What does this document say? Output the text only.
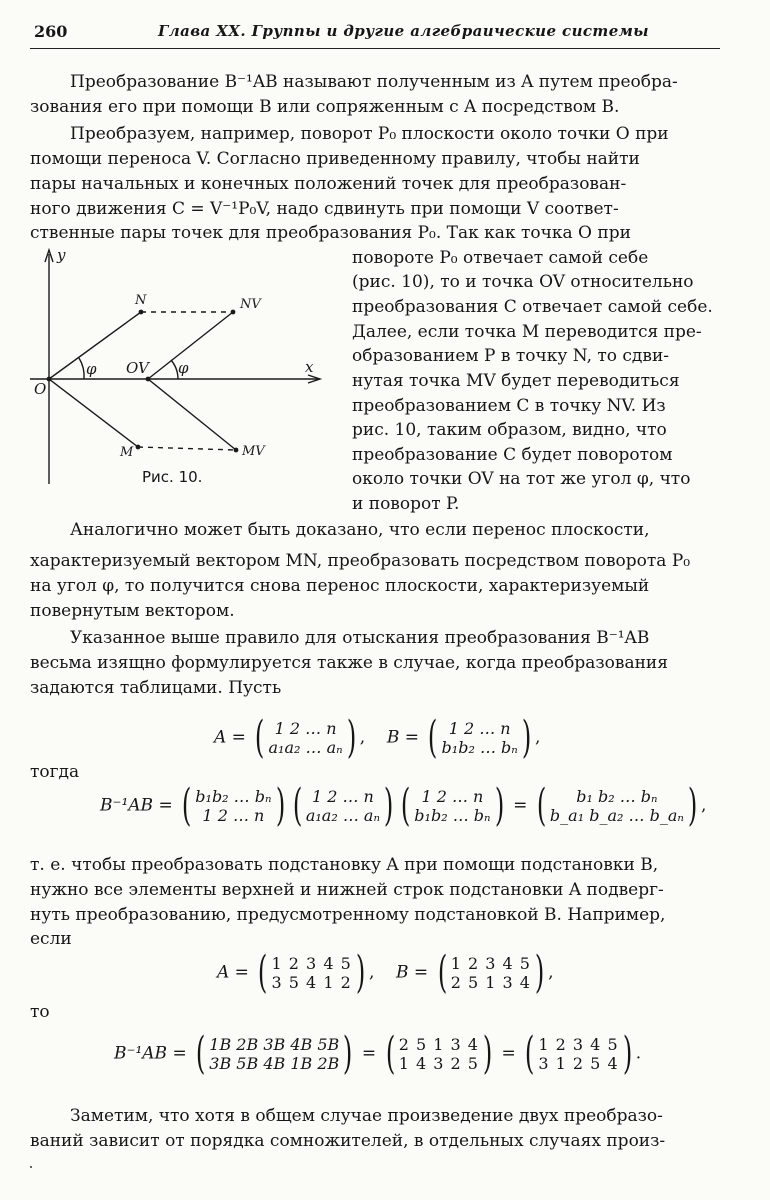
260	Глава XX. Группы и другие алгебраические системы
Преобразование B⁻¹AB называют полученным из A путем преобра-
зования его при помощи B или сопряженным с A посредством B.
Преобразуем, например, поворот P₀ плоскости около точки O при
помощи переноса V. Согласно приведенному правилу, чтобы найти
пары начальных и конечных положений точек для преобразован-
ного движения C = V⁻¹P₀V, надо сдвинуть при помощи V соответ-
ственные пары точек для преобразования P₀. Так как точка O при
y
x
O
OV
N	NV
M	MV
φ	φ
Рис. 10.
повороте P₀ отвечает самой себе
(рис. 10), то и точка OV относительно
преобразования C отвечает самой себе.
Далее, если точка M переводится пре-
образованием P в точку N, то сдви-
нутая точка MV будет переводиться
преобразованием C в точку NV. Из
рис. 10, таким образом, видно, что
преобразование C будет поворотом
около точки OV на тот же угол φ, что
и поворот P.
Аналогично может быть доказано, что если перенос плоскости,
характеризуемый вектором MN, преобразовать посредством поворота P₀
на угол φ, то получится снова перенос плоскости, характеризуемый
повернутым вектором.
Указанное выше правило для отыскания преобразования B⁻¹AB
весьма изящно формулируется также в случае, когда преобразования
задаются таблицами. Пусть
A = ( 1 2 … n
a₁a₂ … aₙ ) , B = ( 1 2 … n
b₁b₂ … bₙ ) ,
тогда
B⁻¹AB = ( b₁b₂ … bₙ
1 2 … n ) ( 1 2 … n
a₁a₂ … aₙ ) ( 1 2 … n
b₁b₂ … bₙ ) = (	b₁ b₂ … bₙ
b_a₁ b_a₂ … b_aₙ ) ,
т. е. чтобы преобразовать подстановку A при помощи подстановки B,
нужно все элементы верхней и нижней строк подстановки A подверг-
нуть преобразованию, предусмотренному подстановкой B. Например,
если
A = ( 1 2 3 4 5
3 5 4 1 2 ) , B = ( 1 2 3 4 5
2 5 1 3 4 ) ,
то
B⁻¹AB = ( 1B 2B 3B 4B 5B
3B 5B 4B 1B 2B ) = ( 2 5 1 3 4
1 4 3 2 5 ) = ( 1 2 3 4 5
3 1 2 5 4 ) .
Заметим, что хотя в общем случае произведение двух преобразо-
ваний зависит от порядка сомножителей, в отдельных случаях произ-
